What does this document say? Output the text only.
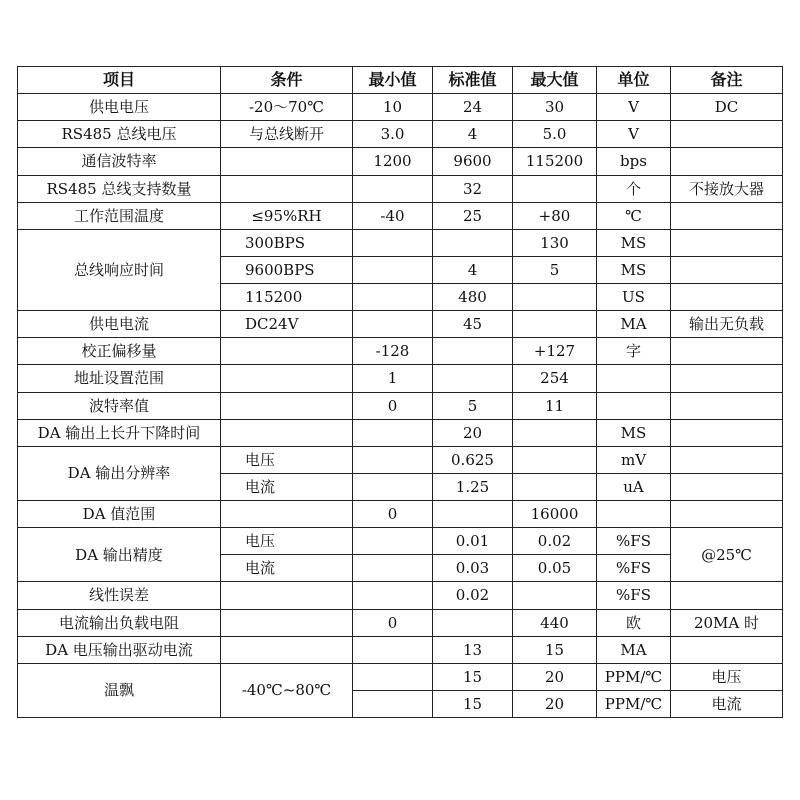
项目	条件	最小值	标准值	最大值	单位	备注
供电电压	-20～70℃	10	24	30	V	DC
RS485 总线电压	与总线断开	3.0	4	5.0	V	
通信波特率		1200	9600	115200	bps	
RS485 总线支持数量			32		个	不接放大器
工作范围温度	≤95%RH	-40	25	+80	℃	
总线响应时间	300BPS			130	MS	
	9600BPS		4	5	MS	
	115200		480		US	
供电电流	DC24V		45		MA	输出无负载
校正偏移量		-128		+127	字	
地址设置范围		1		254		
波特率值		0	5	11		
DA 输出上长升下降时间			20		MS	
DA 输出分辨率	电压		0.625		mV	
	电流		1.25		uA	
DA 值范围		0		16000		
DA 输出精度	电压		0.01	0.02	%FS	@25℃
	电流		0.03	0.05	%FS	
线性误差			0.02		%FS	
电流输出负载电阻		0		440	欧	20MA 时
DA 电压输出驱动电流			13	15	MA	
温飘	-40℃~80℃		15	20	PPM/℃	电压
			15	20	PPM/℃	电流
